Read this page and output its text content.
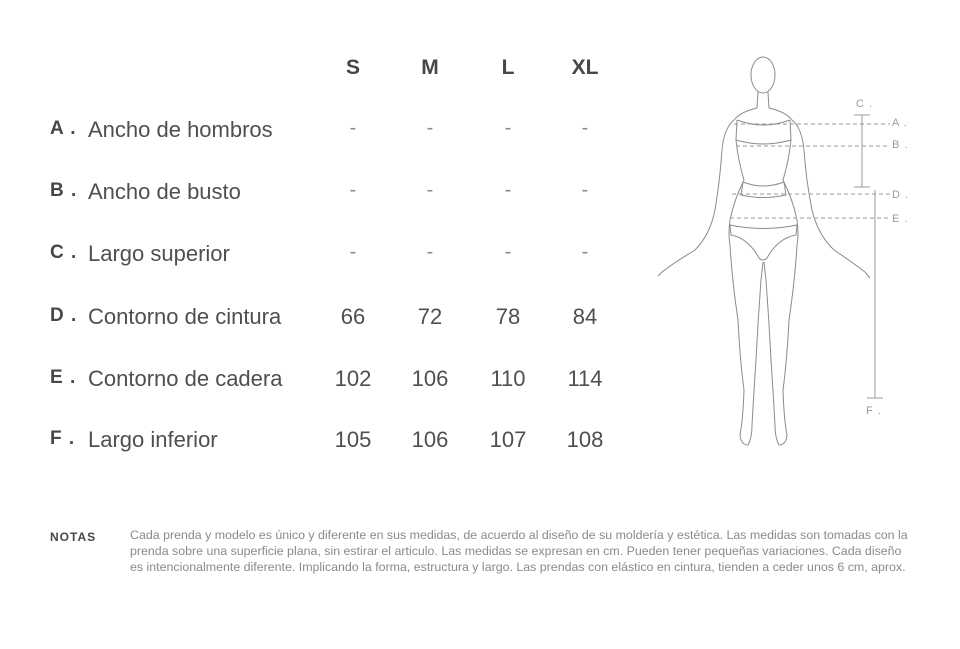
S	M	L	XL
A . Ancho de hombros	-	-	-	-
B . Ancho de busto	-	-	-	-
C . Largo superior	-	-	-	-
D . Contorno de cintura	66	72	78	84
E . Contorno de cadera	102	106	110	114
F . Largo inferior	105	106	107	108
C .
A .
B .
D .
E .
F .
NOTAS	Cada prenda y modelo es único y diferente en sus medidas, de acuerdo al diseño de su moldería y estética. Las medidas son tomadas con la prenda sobre una superficie plana, sin estirar el articulo. Las medidas se expresan en cm. Pueden tener pequeñas variaciones. Cada diseño es intencionalmente diferente. Implicando la forma, estructura y largo. Las prendas con elástico en cintura, tienden a ceder unos 6 cm, aprox.
